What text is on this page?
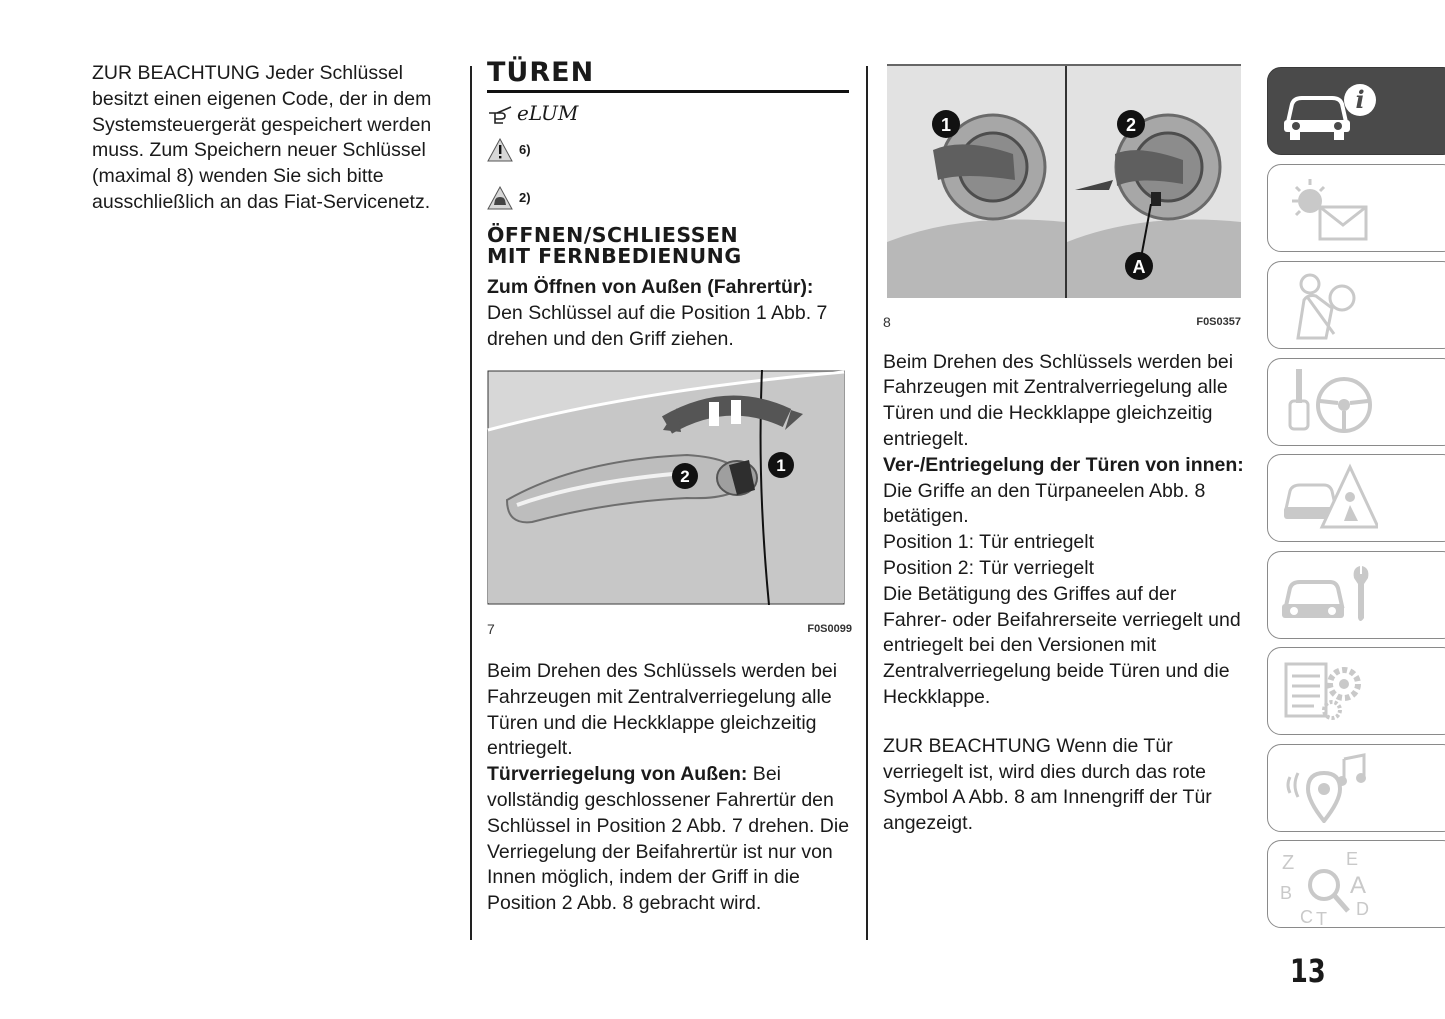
ZUR BEACHTUNG Jeder Schlüssel besitzt einen eigenen Code, der in dem Systemsteuergerät gespeichert werden muss. Zum Speichern neuer Schlüssel (maximal 8) wenden Sie sich bitte ausschließlich an das Fiat-Servicenetz.

TÜREN
eLUM
6)
2)
ÖFFNEN/SCHLIESSEN
MIT FERNBEDIENUNG

Zum Öffnen von Außen (Fahrertür): Den Schlüssel auf die Position 1 Abb. 7 drehen und den Griff ziehen.

2
1
7	F0S0099

Beim Drehen des Schlüssels werden bei Fahrzeugen mit Zentralverriegelung alle Türen und die Heckklappe gleichzeitig entriegelt.

Türverriegelung von Außen: Bei vollständig geschlossener Fahrertür den Schlüssel in Position 2 Abb. 7 drehen. Die Verriegelung der Beifahrertür ist nur von Innen möglich, indem der Griff in die Position 2 Abb. 8 gebracht wird.

1	2
A
8	F0S0357

Beim Drehen des Schlüssels werden bei Fahrzeugen mit Zentralverriegelung alle Türen und die Heckklappe gleichzeitig entriegelt.

Ver-/Entriegelung der Türen von innen: Die Griffe an den Türpaneelen Abb. 8 betätigen.

Position 1: Tür entriegelt

Position 2: Tür verriegelt

Die Betätigung des Griffes auf der Fahrer- oder Beifahrerseite verriegelt und entriegelt bei den Versionen mit Zentralverriegelung beide Türen und die Heckklappe.

ZUR BEACHTUNG Wenn die Tür verriegelt ist, wird dies durch das rote Symbol A Abb. 8 am Innengriff der Tür angezeigt.

i
Z	E
A
B
C T D
13
